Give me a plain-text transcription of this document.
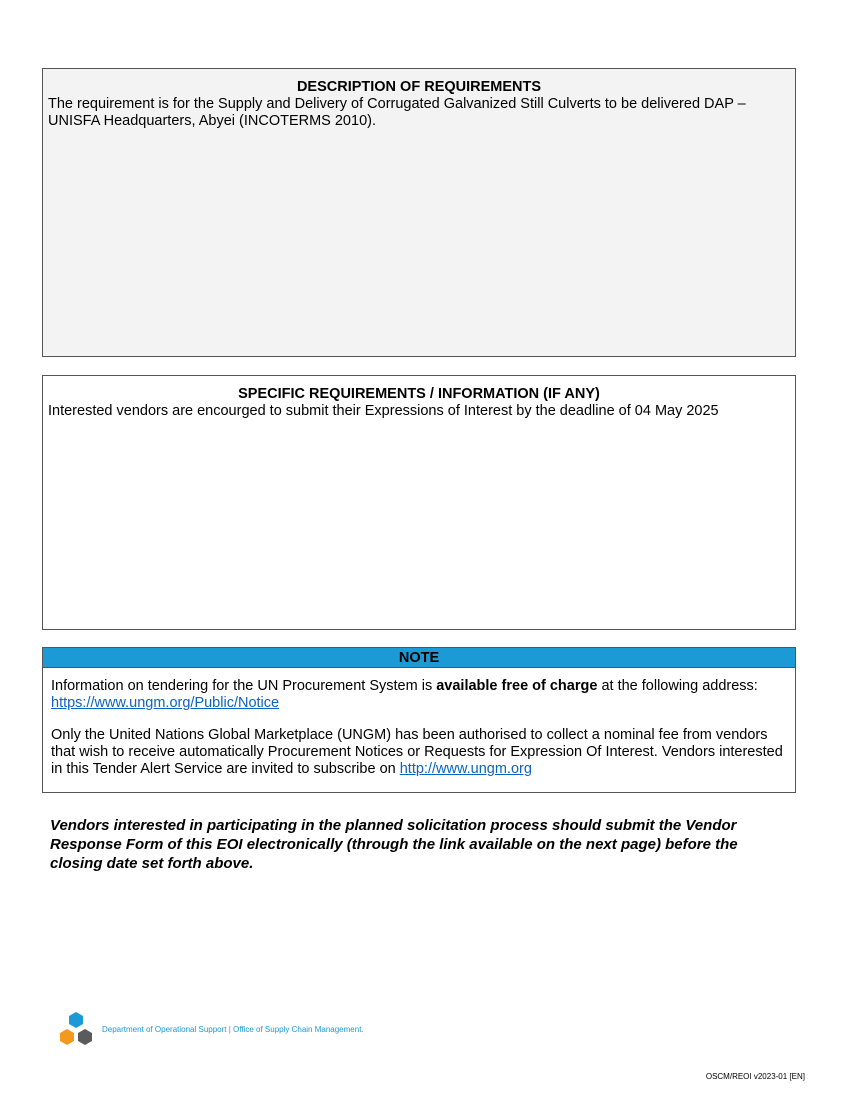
DESCRIPTION OF REQUIREMENTS
The requirement is for the Supply and Delivery of Corrugated Galvanized Still Culverts to be delivered DAP – UNISFA Headquarters, Abyei (INCOTERMS 2010).
SPECIFIC REQUIREMENTS / INFORMATION (IF ANY)
Interested vendors are encourged to submit their Expressions of Interest by the deadline of 04 May 2025
NOTE

Information on tendering for the UN Procurement System is available free of charge at the following address: https://www.ungm.org/Public/Notice

Only the United Nations Global Marketplace (UNGM) has been authorised to collect a nominal fee from vendors that wish to receive automatically Procurement Notices or Requests for Expression Of Interest. Vendors interested in this Tender Alert Service are invited to subscribe on http://www.ungm.org

Vendors interested in participating in the planned solicitation process should submit the Vendor Response Form of this EOI electronically (through the link available on the next page) before the closing date set forth above.
Department of Operational Support | Office of Supply Chain Management.
OSCM/REOI v2023-01 [EN]
